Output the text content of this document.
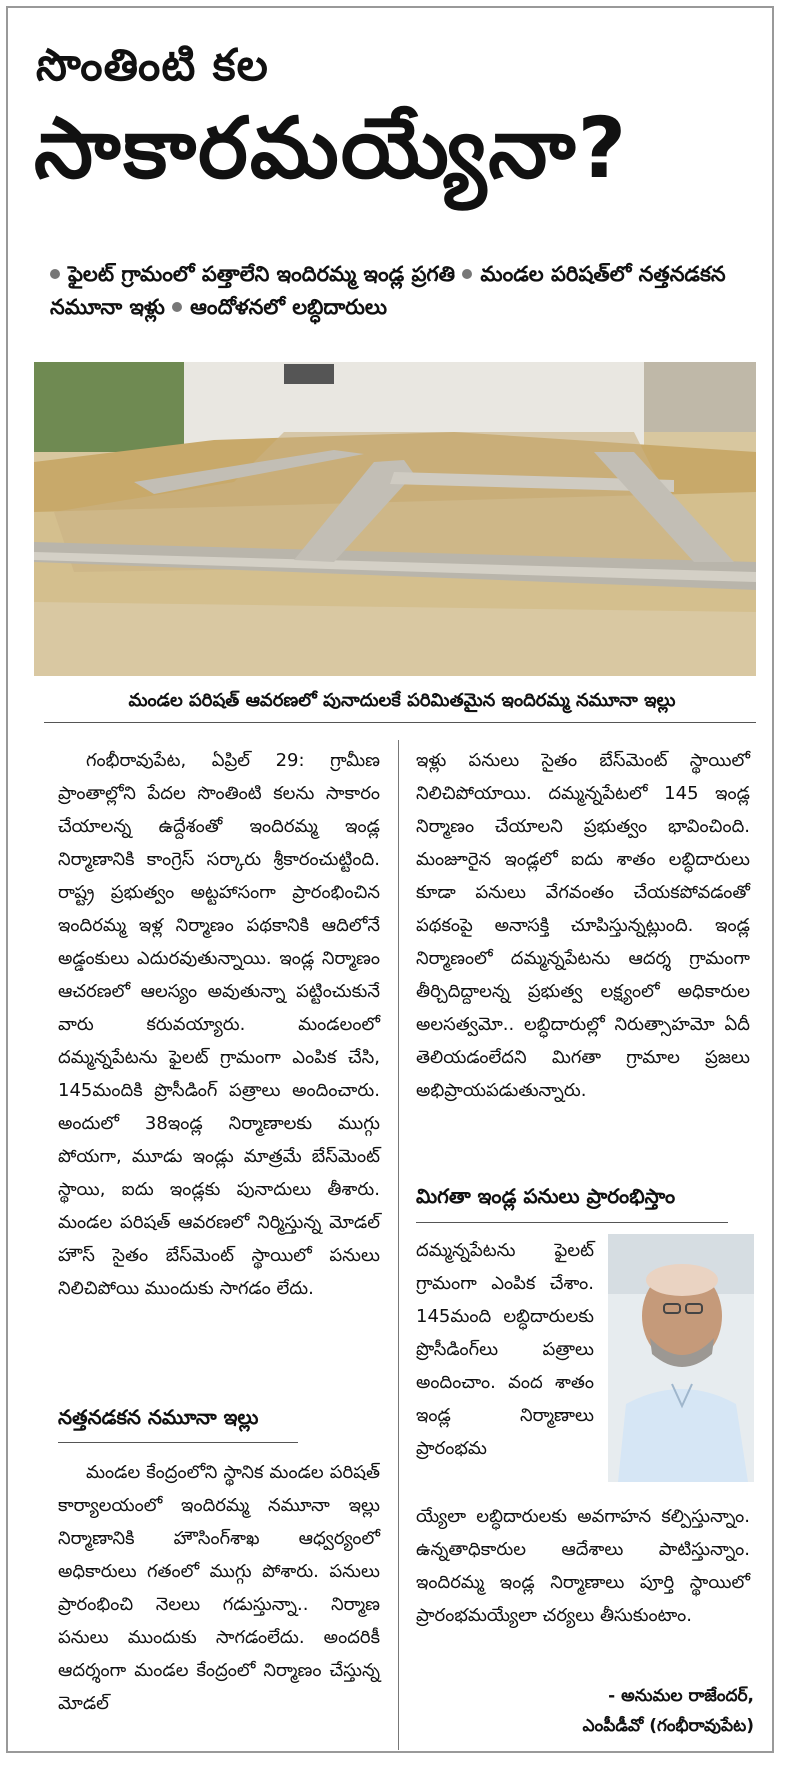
సొంతింటి కల
సాకారమయ్యేనా?
ఫైలట్ గ్రామంలో పత్తాలేని ఇందిరమ్మ ఇండ్ల ప్రగతి మండల పరిషత్‌లో నత్తనడకన నమూనా ఇళ్లు ఆందోళనలో లబ్ధిదారులు
మండల పరిషత్ ఆవరణలో పునాదులకే పరిమితమైన ఇందిరమ్మ నమూనా ఇల్లు

గంభీరావుపేట, ఏప్రిల్ 29: గ్రామీణ ప్రాంతాల్లోని పేదల సొంతింటి కలను సాకారం చేయాలన్న ఉద్దేశంతో ఇందిరమ్మ ఇండ్ల నిర్మాణానికి కాంగ్రెస్ సర్కారు శ్రీకారంచుట్టింది. రాష్ట్ర ప్రభుత్వం అట్టహాసంగా ప్రారంభించిన ఇందిరమ్మ ఇళ్ల నిర్మాణం పథకానికి ఆదిలోనే అడ్డంకులు ఎదురవుతున్నాయి. ఇండ్ల నిర్మాణం ఆచరణలో ఆలస్యం అవుతున్నా పట్టించుకునే వారు కరువయ్యారు. మండలంలో దమ్మన్నపేటను ఫైలట్ గ్రామంగా ఎంపిక చేసి, 145మందికి ప్రొసీడింగ్ పత్రాలు అందించారు. అందులో 38ఇండ్ల నిర్మాణాలకు ముగ్గు పోయగా, మూడు ఇండ్లు మాత్రమే బేస్‌మెంట్ స్థాయి, ఐదు ఇండ్లకు పునాదులు తీశారు. మండల పరిషత్ ఆవరణలో నిర్మిస్తున్న మోడల్ హౌస్ సైతం బేస్‌మెంట్ స్థాయిలో పనులు నిలిచిపోయి ముందుకు సాగడం లేదు.

నత్తనడకన నమూనా ఇల్లు

మండల కేంద్రంలోని స్థానిక మండల పరిషత్ కార్యాలయంలో ఇందిరమ్మ నమూనా ఇల్లు నిర్మాణానికి హౌసింగ్‌శాఖ ఆధ్వర్యంలో అధికారులు గతంలో ముగ్గు పోశారు. పనులు ప్రారంభించి నెలలు గడుస్తున్నా.. నిర్మాణ పనులు ముందుకు సాగడంలేదు. అందరికీ ఆదర్శంగా మండల కేంద్రంలో నిర్మాణం చేస్తున్న మోడల్

ఇళ్లు పనులు సైతం బేస్‌మెంట్ స్థాయిలో నిలిచిపోయాయి. దమ్మన్నపేటలో 145 ఇండ్ల నిర్మాణం చేయాలని ప్రభుత్వం భావించింది. మంజూరైన ఇండ్లలో ఐదు శాతం లబ్ధిదారులు కూడా పనులు వేగవంతం చేయకపోవడంతో పథకంపై అనాసక్తి చూపిస్తున్నట్లుంది. ఇండ్ల నిర్మాణంలో దమ్మన్నపేటను ఆదర్శ గ్రామంగా తీర్చిదిద్దాలన్న ప్రభుత్వ లక్ష్యంలో అధికారుల అలసత్వమో.. లబ్ధిదారుల్లో నిరుత్సాహమో ఏదీ తెలియడంలేదని మిగతా గ్రామాల ప్రజలు అభిప్రాయపడుతున్నారు.

మిగతా ఇండ్ల పనులు ప్రారంభిస్తాం

దమ్మన్నపేటను ఫైలట్ గ్రామంగా ఎంపిక చేశాం. 145మంది లబ్ధిదారులకు ప్రొసీడింగ్‌లు పత్రాలు అందించాం. వంద శాతం ఇండ్ల నిర్మాణాలు ప్రారంభమ

య్యేలా లబ్ధిదారులకు అవగాహన కల్పిస్తున్నాం. ఉన్నతాధికారుల ఆదేశాలు పాటిస్తున్నాం. ఇందిరమ్మ ఇండ్ల నిర్మాణాలు పూర్తి స్థాయిలో ప్రారంభమయ్యేలా చర్యలు తీసుకుంటాం.

- అనుమల రాజేందర్,
ఎంపీడీవో (గంభీరావుపేట)
